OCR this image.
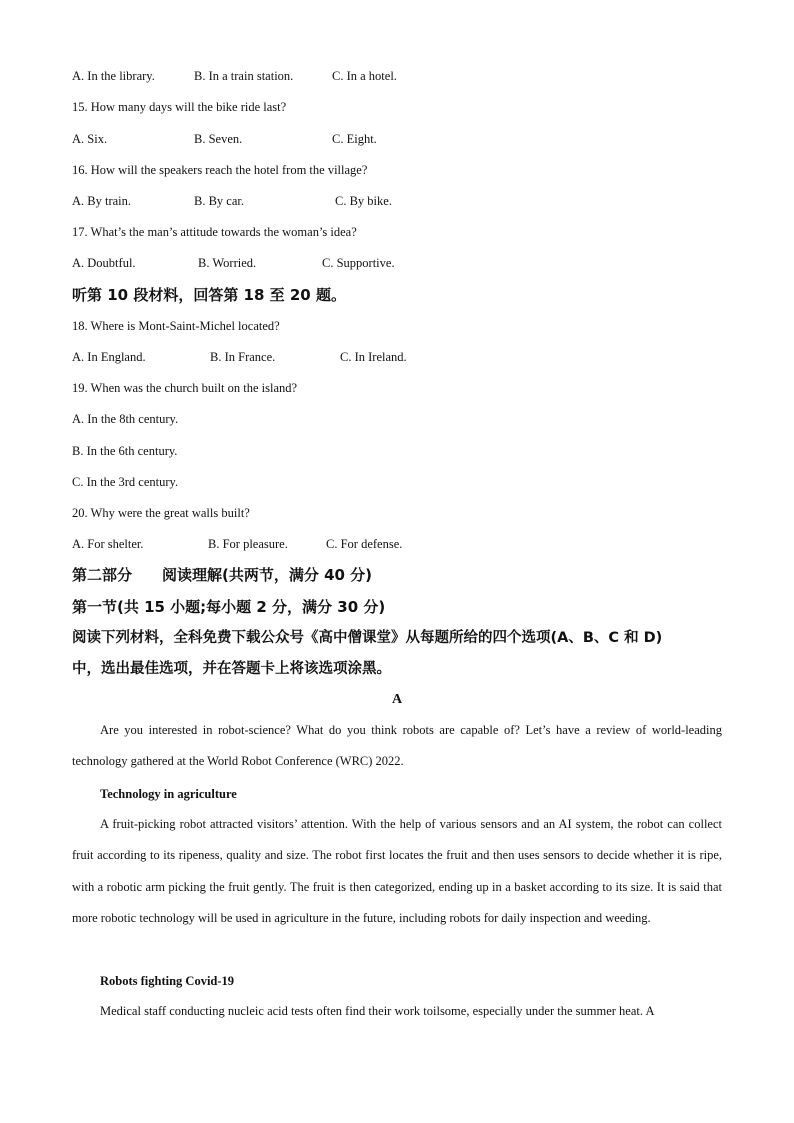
A. In the library.	B. In a train station.	C. In a hotel.
15. How many days will the bike ride last?
A. Six.	B. Seven.	C. Eight.
16. How will the speakers reach the hotel from the village?
A. By train.	B. By car.	C. By bike.
17. What’s the man’s attitude towards the woman’s idea?
A. Doubtful.	B. Worried.	C. Supportive.
听第 10 段材料，回答第 18 至 20 题。
18. Where is Mont-Saint-Michel located?
A. In England.	B. In France.	C. In Ireland.
19. When was the church built on the island?
A. In the 8th century.
B. In the 6th century.
C. In the 3rd century.
20. Why were the great walls built?
A. For shelter.	B. For pleasure.	C. For defense.
第二部分　　阅读理解(共两节，满分 40 分)
第一节(共 15 小题;每小题 2 分，满分 30 分)
阅读下列材料，全科免费下载公众号《高中僧课堂》从每题所给的四个选项(A、B、C 和 D)
中，选出最佳选项，并在答题卡上将该选项涂黑。
A
Are you interested in robot-science? What do you think robots are capable of? Let’s have a review of world-leading technology gathered at the World Robot Conference (WRC) 2022.
Technology in agriculture
A fruit-picking robot attracted visitors’ attention. With the help of various sensors and an AI system, the robot can collect fruit according to its ripeness, quality and size. The robot first locates the fruit and then uses sensors to decide whether it is ripe, with a robotic arm picking the fruit gently. The fruit is then categorized, ending up in a basket according to its size. It is said that more robotic technology will be used in agriculture in the future, including robots for daily inspection and weeding.
Robots fighting Covid-19
Medical staff conducting nucleic acid tests often find their work toilsome, especially under the summer heat. A
